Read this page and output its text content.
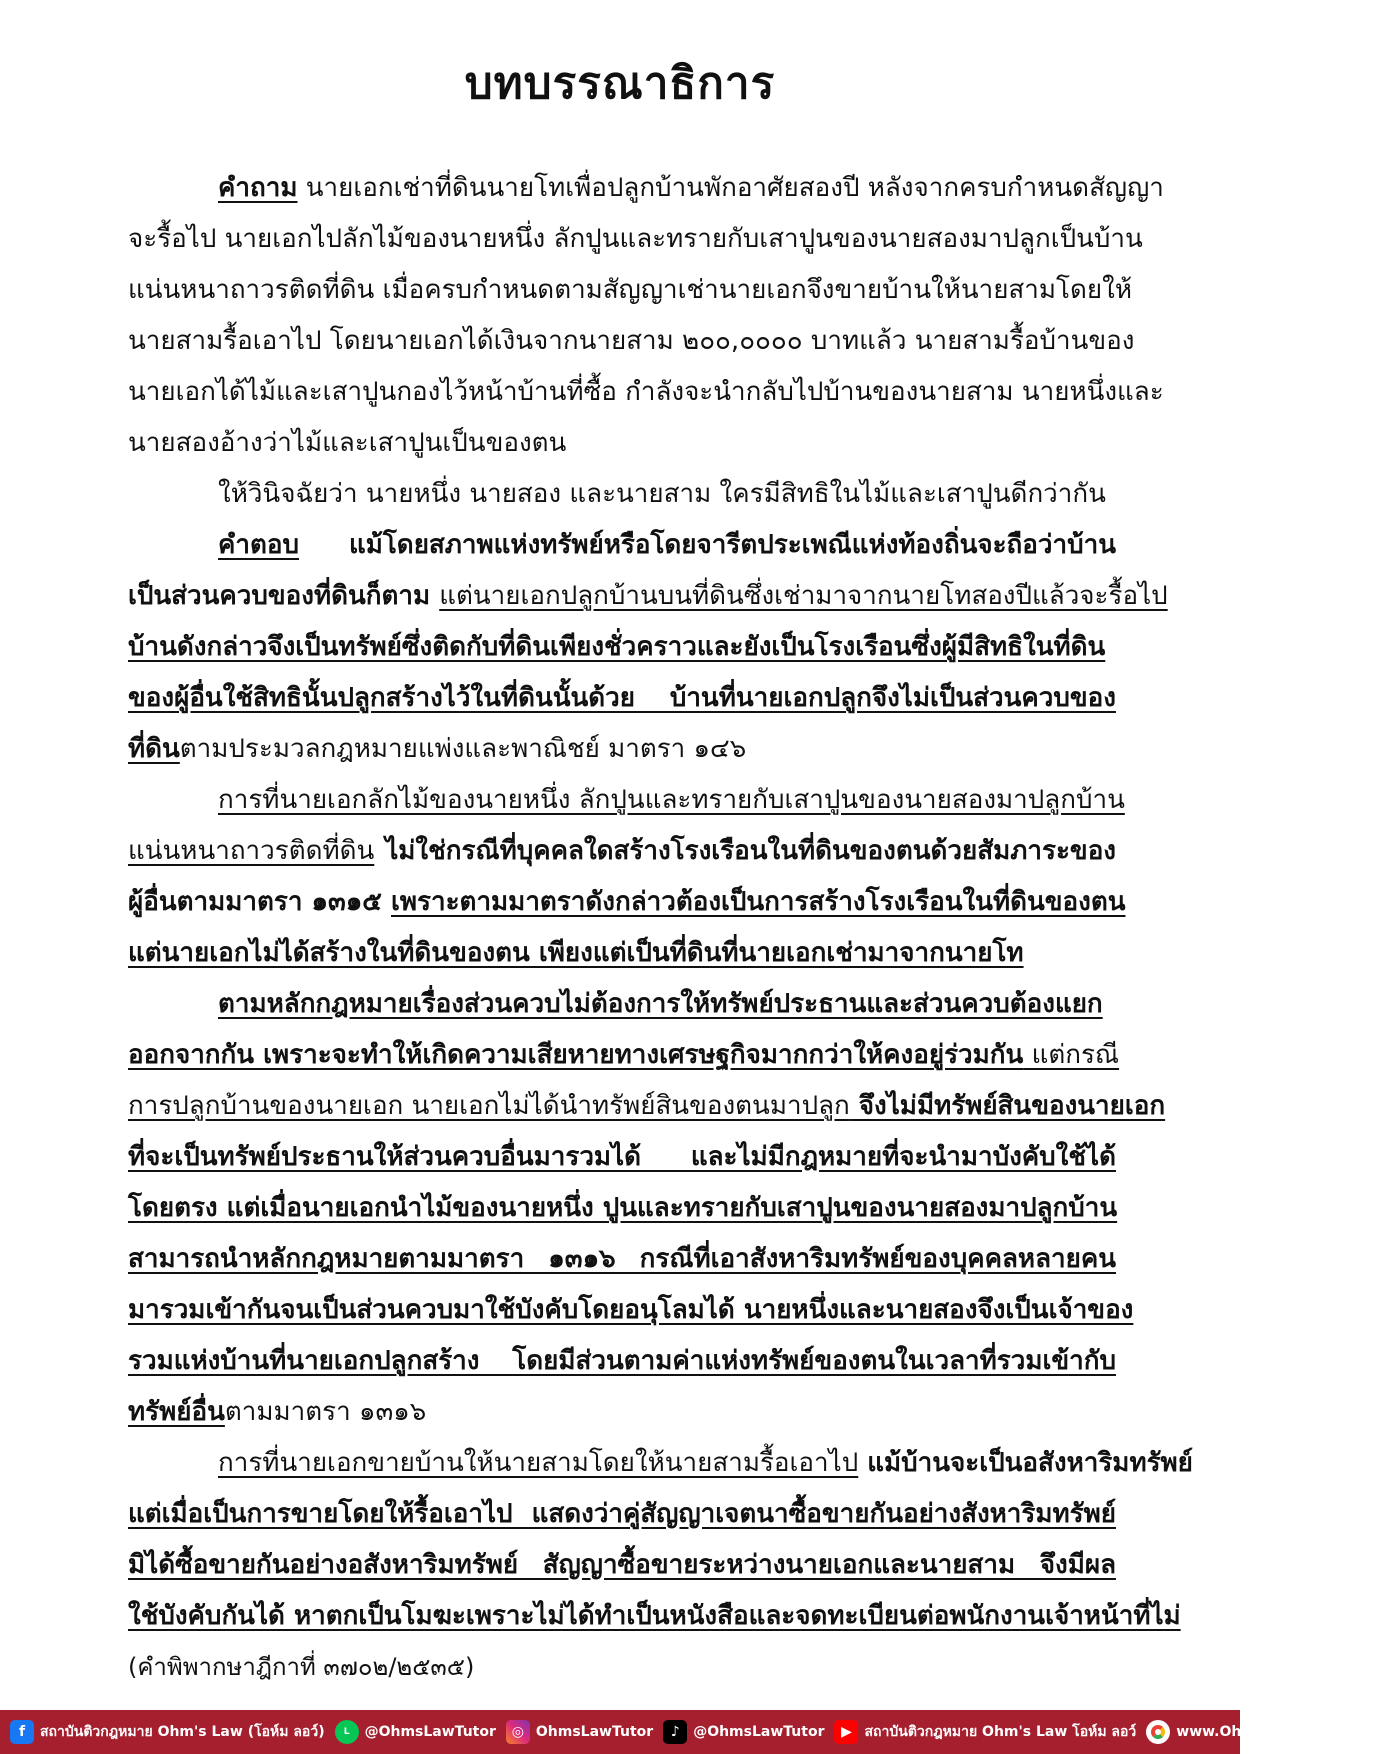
บทบรรณาธิการ
คำถาม นายเอกเช่าที่ดินนายโทเพื่อปลูกบ้านพักอาศัยสองปี หลังจากครบกำหนดสัญญา
จะรื้อไป นายเอกไปลักไม้ของนายหนึ่ง ลักปูนและทรายกับเสาปูนของนายสองมาปลูกเป็นบ้าน
แน่นหนาถาวรติดที่ดิน เมื่อครบกำหนดตามสัญญาเช่านายเอกจึงขายบ้านให้นายสามโดยให้
นายสามรื้อเอาไป โดยนายเอกได้เงินจากนายสาม ๒๐๐,๐๐๐๐ บาทแล้ว นายสามรื้อบ้านของ
นายเอกได้ไม้และเสาปูนกองไว้หน้าบ้านที่ซื้อ กำลังจะนำกลับไปบ้านของนายสาม นายหนึ่งและ
นายสองอ้างว่าไม้และเสาปูนเป็นของตน
ให้วินิจฉัยว่า นายหนึ่ง นายสอง และนายสาม ใครมีสิทธิในไม้และเสาปูนดีกว่ากัน
คำตอบ แม้โดยสภาพแห่งทรัพย์หรือโดยจารีตประเพณีแห่งท้องถิ่นจะถือว่าบ้าน
เป็นส่วนควบของที่ดินก็ตาม แต่นายเอกปลูกบ้านบนที่ดินซึ่งเช่ามาจากนายโทสองปีแล้วจะรื้อไป
บ้านดังกล่าวจึงเป็นทรัพย์ซึ่งติดกับที่ดินเพียงชั่วคราวและยังเป็นโรงเรือนซึ่งผู้มีสิทธิในที่ดิน
ของผู้อื่นใช้สิทธินั้นปลูกสร้างไว้ในที่ดินนั้นด้วย บ้านที่นายเอกปลูกจึงไม่เป็นส่วนควบของ
ที่ดินตามประมวลกฎหมายแพ่งและพาณิชย์ มาตรา ๑๔๖
การที่นายเอกลักไม้ของนายหนึ่ง ลักปูนและทรายกับเสาปูนของนายสองมาปลูกบ้าน
แน่นหนาถาวรติดที่ดิน ไม่ใช่กรณีที่บุคคลใดสร้างโรงเรือนในที่ดินของตนด้วยสัมภาระของ
ผู้อื่นตามมาตรา ๑๓๑๕ เพราะตามมาตราดังกล่าวต้องเป็นการสร้างโรงเรือนในที่ดินของตน
แต่นายเอกไม่ได้สร้างในที่ดินของตน เพียงแต่เป็นที่ดินที่นายเอกเช่ามาจากนายโท
ตามหลักกฎหมายเรื่องส่วนควบไม่ต้องการให้ทรัพย์ประธานและส่วนควบต้องแยก
ออกจากกัน เพราะจะทำให้เกิดความเสียหายทางเศรษฐกิจมากกว่าให้คงอยู่ร่วมกัน แต่กรณี
การปลูกบ้านของนายเอก นายเอกไม่ได้นำทรัพย์สินของตนมาปลูก จึงไม่มีทรัพย์สินของนายเอก
ที่จะเป็นทรัพย์ประธานให้ส่วนควบอื่นมารวมได้ และไม่มีกฎหมายที่จะนำมาบังคับใช้ได้
โดยตรง แต่เมื่อนายเอกนำไม้ของนายหนึ่ง ปูนและทรายกับเสาปูนของนายสองมาปลูกบ้าน
สามารถนำหลักกฎหมายตามมาตรา ๑๓๑๖ กรณีที่เอาสังหาริมทรัพย์ของบุคคลหลายคน
มารวมเข้ากันจนเป็นส่วนควบมาใช้บังคับโดยอนุโลมได้ นายหนึ่งและนายสองจึงเป็นเจ้าของ
รวมแห่งบ้านที่นายเอกปลูกสร้าง โดยมีส่วนตามค่าแห่งทรัพย์ของตนในเวลาที่รวมเข้ากับ
ทรัพย์อื่นตามมาตรา ๑๓๑๖
การที่นายเอกขายบ้านให้นายสามโดยให้นายสามรื้อเอาไป แม้บ้านจะเป็นอสังหาริมทรัพย์
แต่เมื่อเป็นการขายโดยให้รื้อเอาไป แสดงว่าคู่สัญญาเจตนาซื้อขายกันอย่างสังหาริมทรัพย์
มิได้ซื้อขายกันอย่างอสังหาริมทรัพย์ สัญญาซื้อขายระหว่างนายเอกและนายสาม จึงมีผล
ใช้บังคับกันได้ หาตกเป็นโมฆะเพราะไม่ได้ทำเป็นหนังสือและจดทะเบียนต่อพนักงานเจ้าหน้าที่ไม่
(คำพิพากษาฎีกาที่ ๓๗๐๒/๒๕๓๕)
f	สถาบันติวกฎหมาย Ohm's Law (โอห์ม ลอว์)	L	@OhmsLawTutor	◎ OhmsLawTutor	♪ @OhmsLawTutor	▶ สถาบันติวกฎหมาย Ohm's Law โอห์ม ลอว์	www.OhmsLawTutor.com
